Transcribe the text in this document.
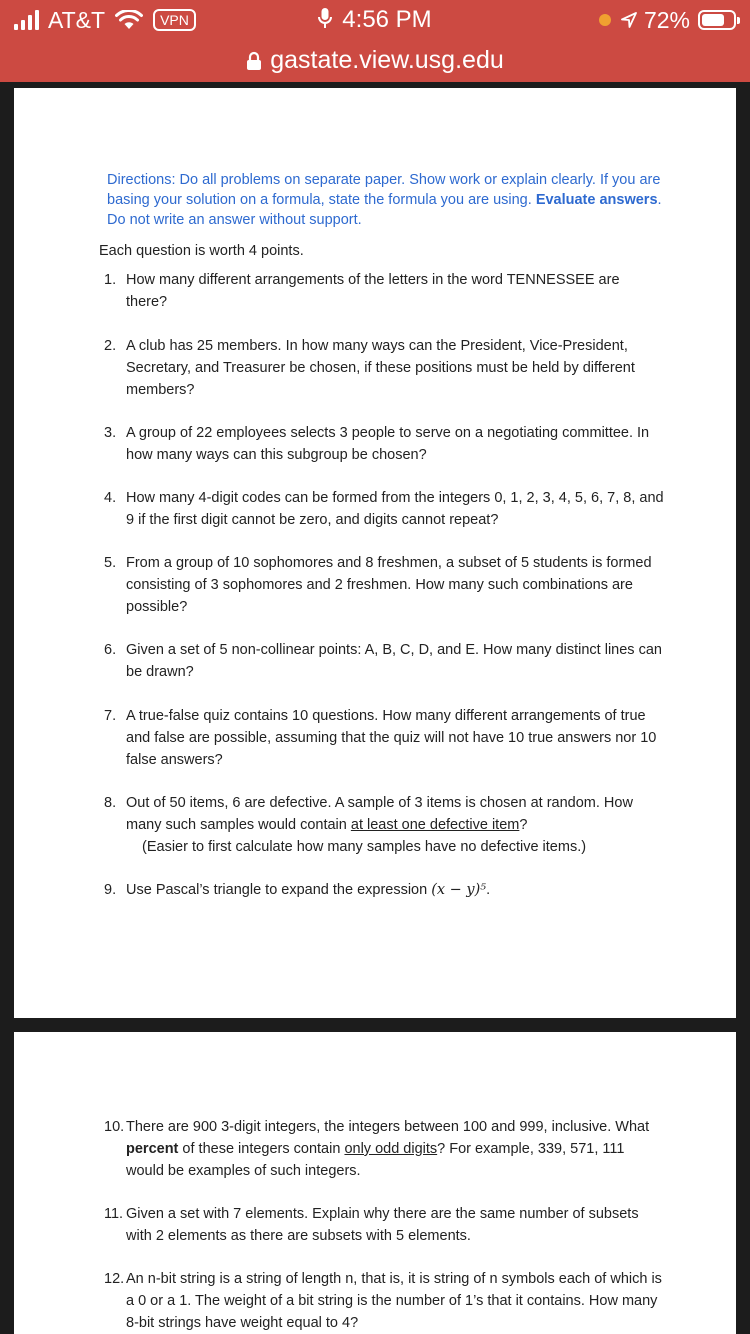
AT&T	VPN	4:56 PM	72%
gastate.view.usg.edu
Directions: Do all problems on separate paper. Show work or explain clearly. If you are basing your solution on a formula, state the formula you are using. Evaluate answers. Do not write an answer without support.
Each question is worth 4 points.
1. How many different arrangements of the letters in the word TENNESSEE are there?
2. A club has 25 members. In how many ways can the President, Vice-President, Secretary, and Treasurer be chosen, if these positions must be held by different members?
3. A group of 22 employees selects 3 people to serve on a negotiating committee. In how many ways can this subgroup be chosen?
4. How many 4-digit codes can be formed from the integers 0, 1, 2, 3, 4, 5, 6, 7, 8, and 9 if the first digit cannot be zero, and digits cannot repeat?
5. From a group of 10 sophomores and 8 freshmen, a subset of 5 students is formed consisting of 3 sophomores and 2 freshmen. How many such combinations are possible?
6. Given a set of 5 non-collinear points: A, B, C, D, and E. How many distinct lines can be drawn?
7. A true-false quiz contains 10 questions. How many different arrangements of true and false are possible, assuming that the quiz will not have 10 true answers nor 10 false answers?
8. Out of 50 items, 6 are defective. A sample of 3 items is chosen at random. How many such samples would contain at least one defective item?
(Easier to first calculate how many samples have no defective items.)
9. Use Pascal’s triangle to expand the expression (x − y)⁵.
10. There are 900 3-digit integers, the integers between 100 and 999, inclusive. What percent of these integers contain only odd digits? For example, 339, 571, 111 would be examples of such integers.
11. Given a set with 7 elements. Explain why there are the same number of subsets with 2 elements as there are subsets with 5 elements.
12. An n-bit string is a string of length n, that is, it is string of n symbols each of which is a 0 or a 1. The weight of a bit string is the number of 1’s that it contains. How many 8-bit strings have weight equal to 4?
